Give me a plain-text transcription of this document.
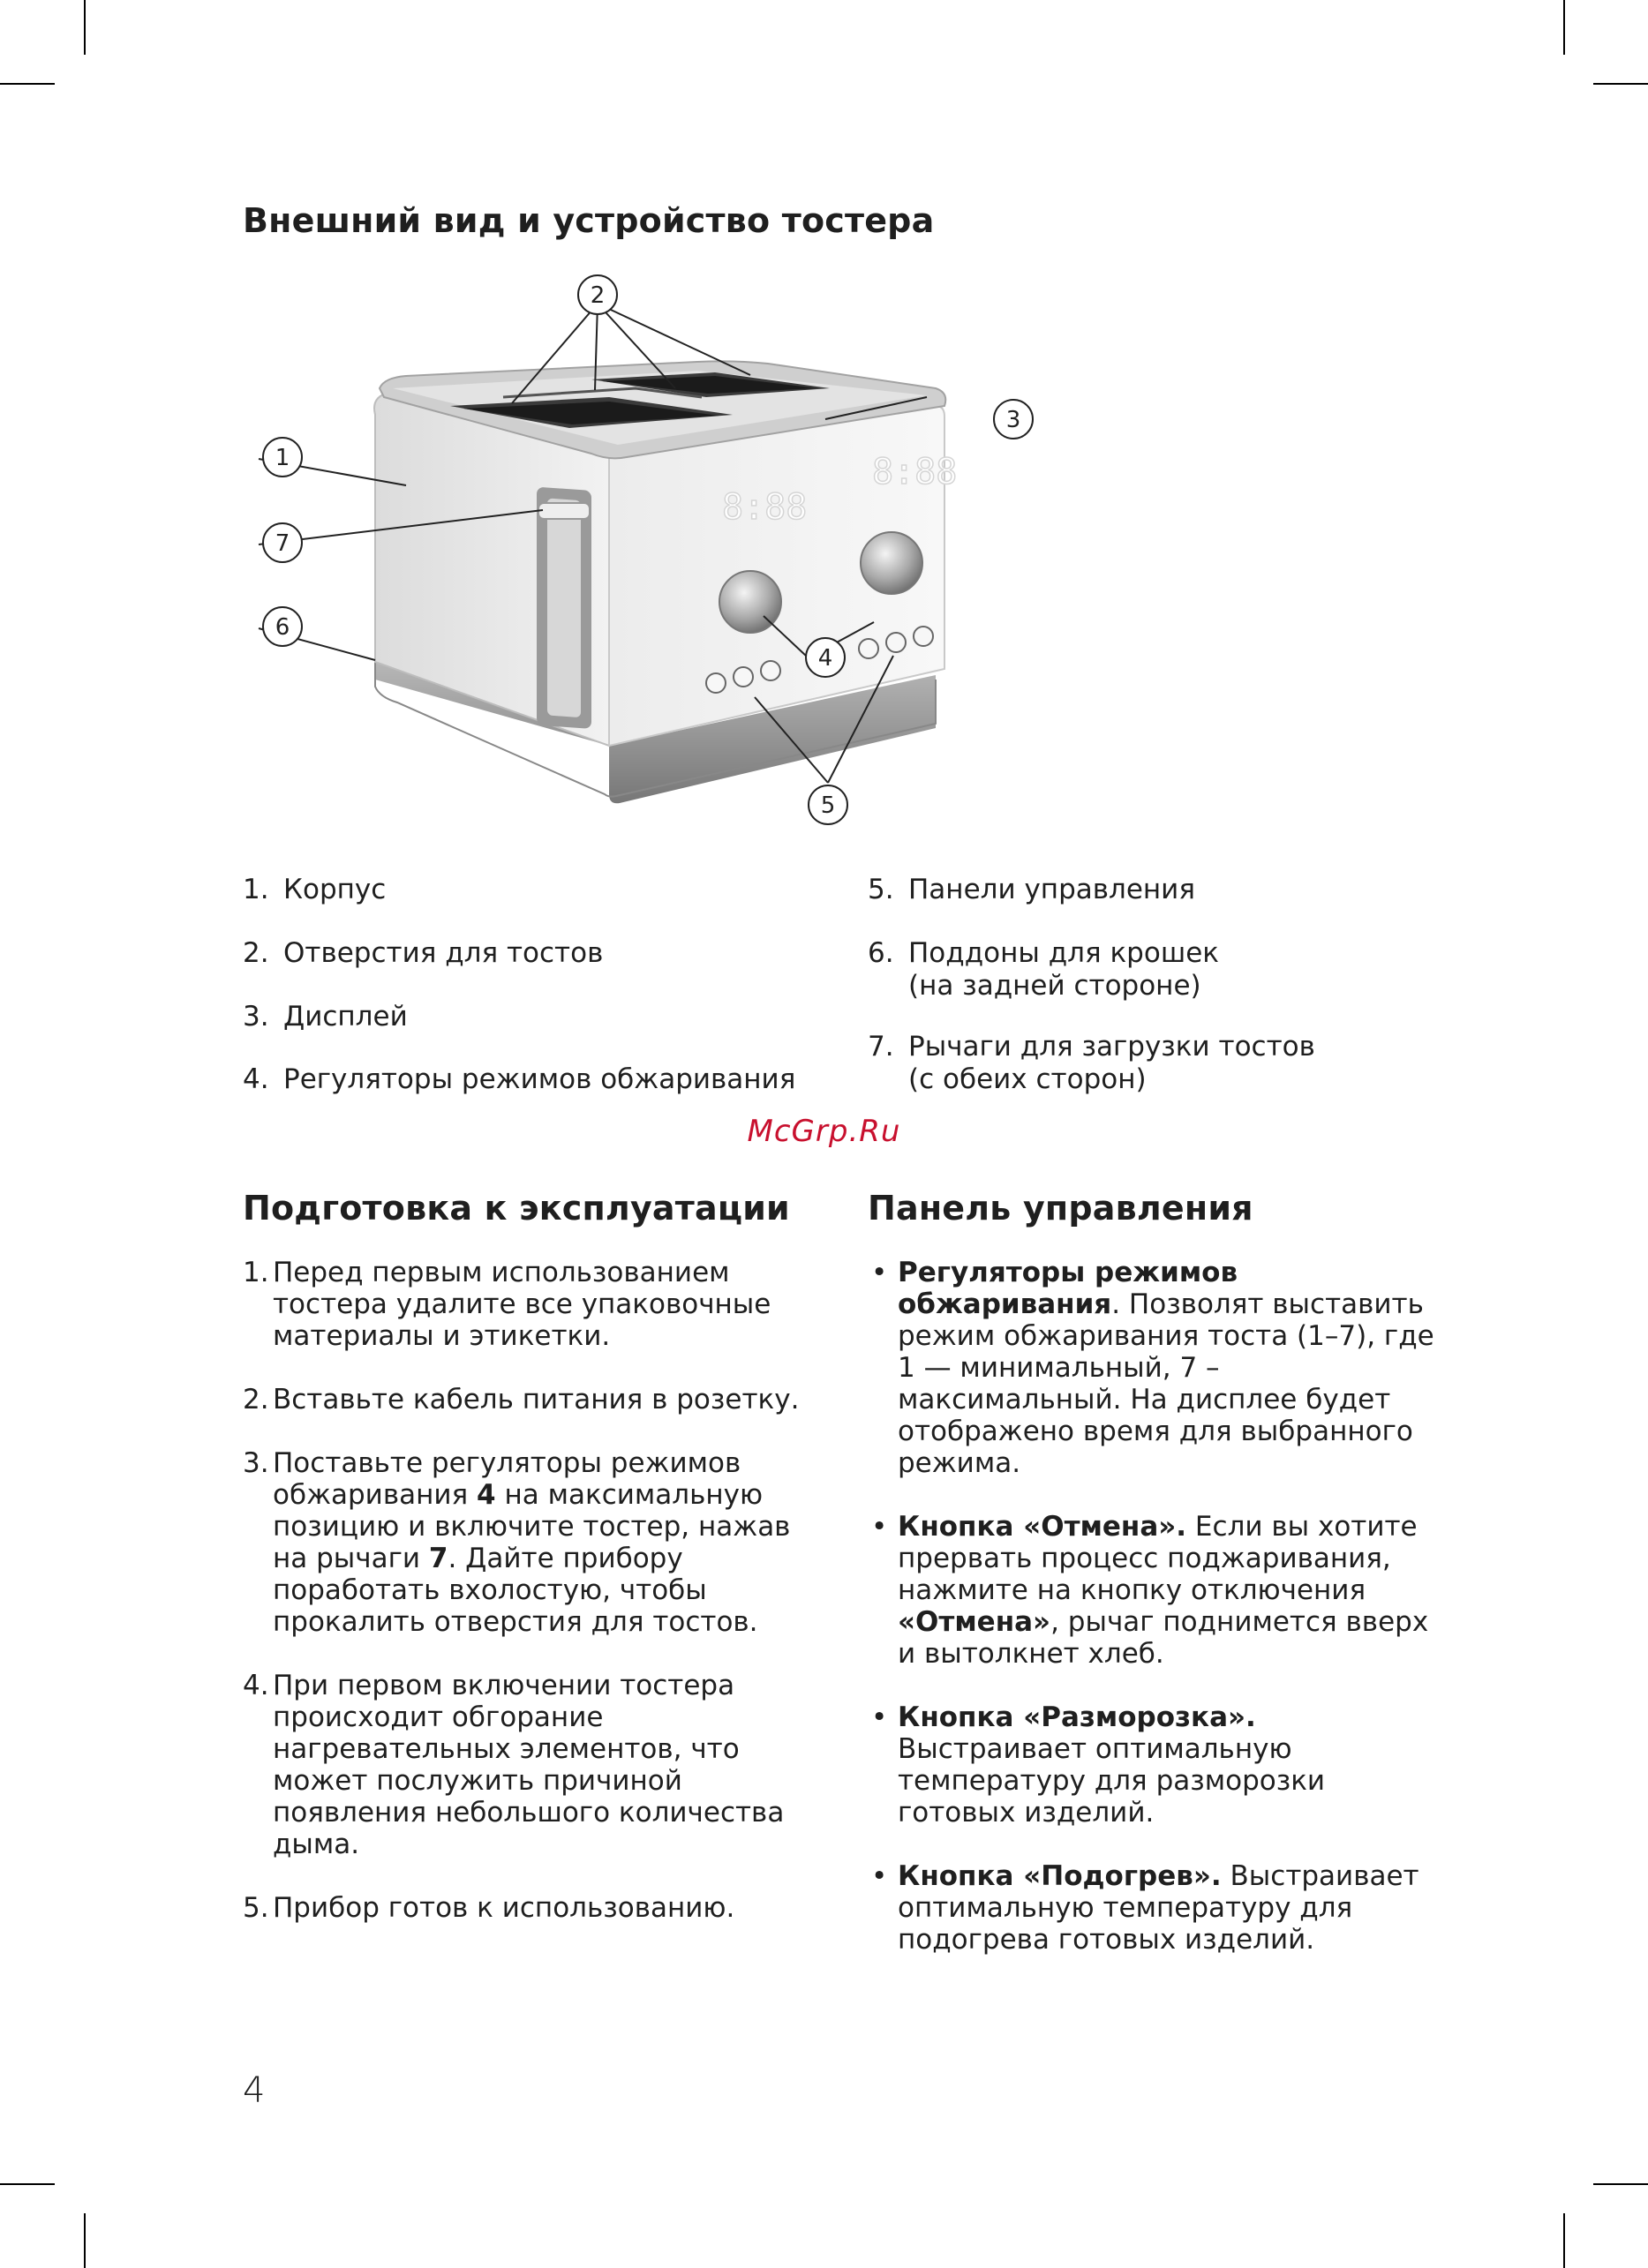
Внешний вид и устройство тостера
8:88
8:88
2
3
1
7
6
4
5
1. Корпус
2. Отверстия для тостов
3. Дисплей
4. Регуляторы режимов обжаривания
5. Панели управления
6. Поддоны для крошек
(на задней стороне)
7. Рычаги для загрузки тостов
(с обеих сторон)
McGrp.Ru
Подготовка к эксплуатации
1. Перед первым использованием тостера удалите все упаковочные материалы и этикетки.
2. Вставьте кабель питания в розетку.
3. Поставьте регуляторы режимов обжаривания 4 на максимальную позицию и включите тостер, нажав на рычаги 7. Дайте прибору поработать вхолостую, чтобы прокалить отверстия для тостов.
4. При первом включении тостера происходит обгорание нагревательных элементов, что может послужить причиной появления небольшого количества дыма.
5. Прибор готов к использованию.
Панель управления
• Регуляторы режимов обжаривания. Позволят выставить режим обжаривания тоста (1–7), где 1 — минимальный, 7 – максимальный. На дисплее будет отображено время для выбранного режима.
• Кнопка «Отмена». Если вы хотите прервать процесс поджаривания, нажмите на кнопку отключения «Отмена», рычаг поднимется вверх и вытолкнет хлеб.
• Кнопка «Разморозка». Выстраивает оптимальную температуру для разморозки готовых изделий.
• Кнопка «Подогрев». Выстраивает оптимальную температуру для подогрева готовых изделий.
4
